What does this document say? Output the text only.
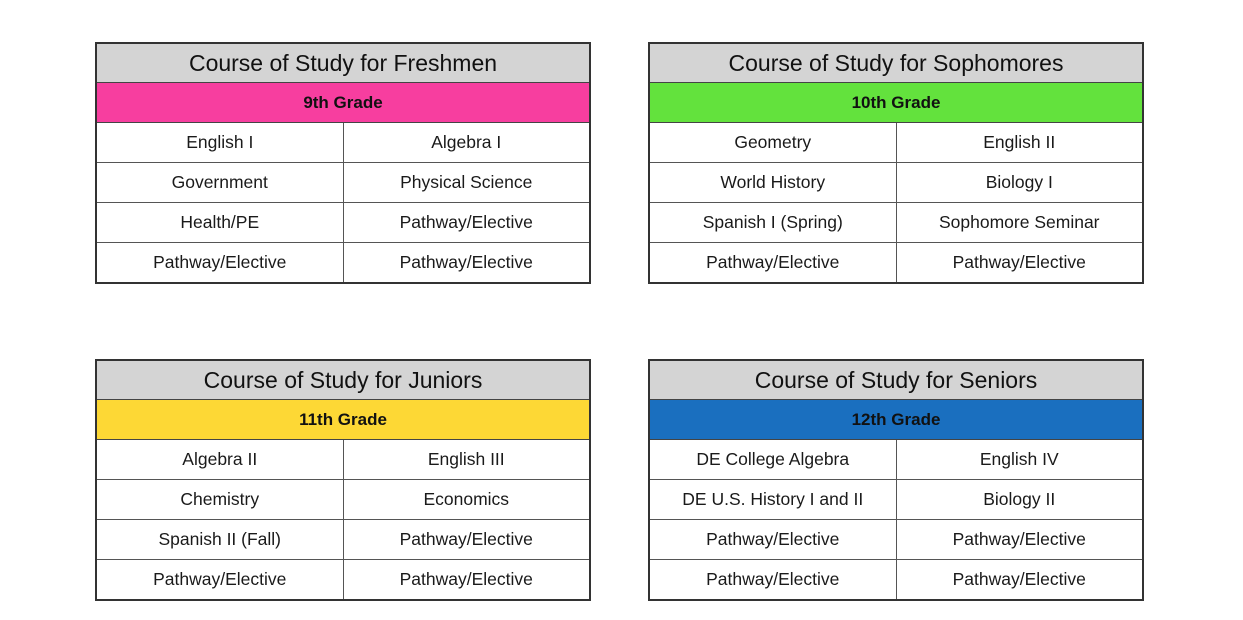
Course of Study for Freshmen
9th Grade
English I	Algebra I
Government	Physical Science
Health/PE	Pathway/Elective
Pathway/Elective	Pathway/Elective
Course of Study for Sophomores
10th Grade
Geometry	English II
World History	Biology I
Spanish I (Spring)	Sophomore Seminar
Pathway/Elective	Pathway/Elective
Course of Study for Juniors
11th Grade
Algebra II	English III
Chemistry	Economics
Spanish II (Fall)	Pathway/Elective
Pathway/Elective	Pathway/Elective
Course of Study for Seniors
12th Grade
DE College Algebra	English IV
DE U.S. History I and II	Biology II
Pathway/Elective	Pathway/Elective
Pathway/Elective	Pathway/Elective
